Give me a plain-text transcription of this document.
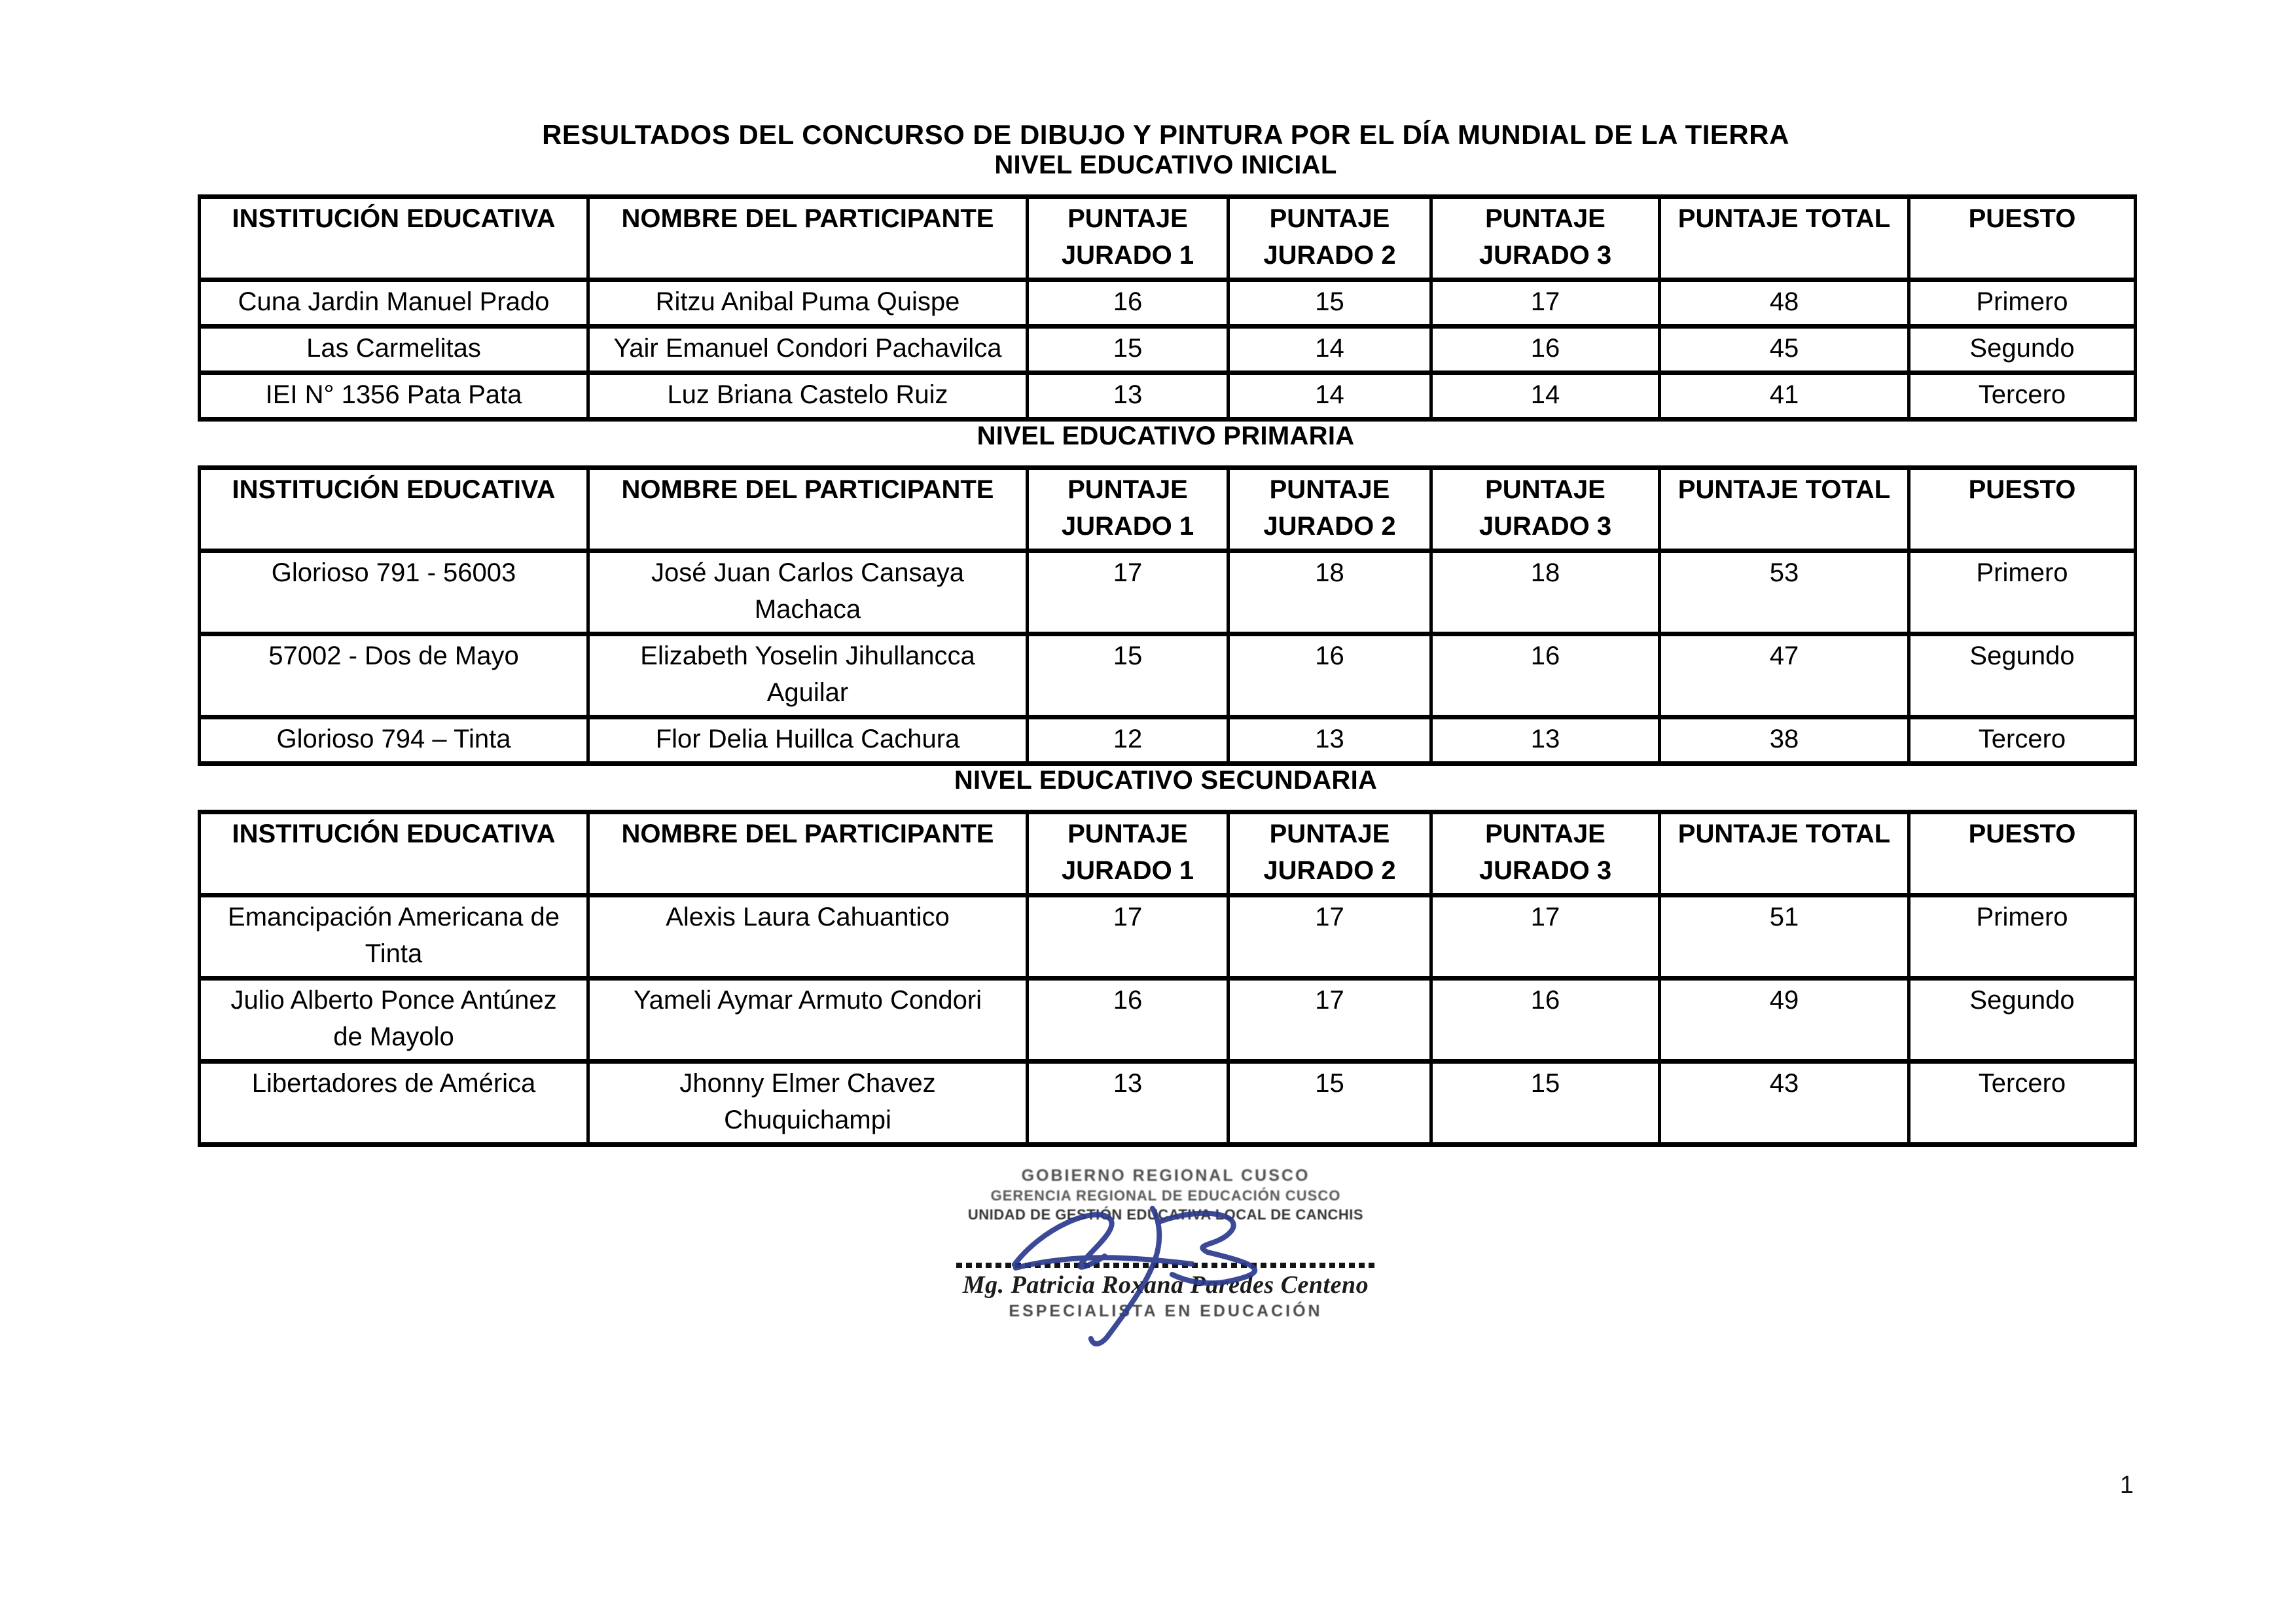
RESULTADOS DEL CONCURSO DE DIBUJO Y PINTURA POR EL DÍA MUNDIAL DE LA TIERRA
NIVEL EDUCATIVO INICIAL
INSTITUCIÓN EDUCATIVA	NOMBRE DEL PARTICIPANTE	PUNTAJE JURADO 1	PUNTAJE JURADO 2	PUNTAJE JURADO 3	PUNTAJE TOTAL	PUESTO
Cuna Jardin Manuel Prado	Ritzu Anibal Puma Quispe	16	15	17	48	Primero
Las Carmelitas	Yair Emanuel Condori Pachavilca	15	14	16	45	Segundo
IEI N° 1356 Pata Pata	Luz Briana Castelo Ruiz	13	14	14	41	Tercero
NIVEL EDUCATIVO PRIMARIA
INSTITUCIÓN EDUCATIVA	NOMBRE DEL PARTICIPANTE	PUNTAJE JURADO 1	PUNTAJE JURADO 2	PUNTAJE JURADO 3	PUNTAJE TOTAL	PUESTO
Glorioso 791 - 56003	José Juan Carlos Cansaya Machaca	17	18	18	53	Primero
57002 - Dos de Mayo	Elizabeth Yoselin Jihullancca Aguilar	15	16	16	47	Segundo
Glorioso 794 – Tinta	Flor Delia Huillca Cachura	12	13	13	38	Tercero
NIVEL EDUCATIVO SECUNDARIA
INSTITUCIÓN EDUCATIVA	NOMBRE DEL PARTICIPANTE	PUNTAJE JURADO 1	PUNTAJE JURADO 2	PUNTAJE JURADO 3	PUNTAJE TOTAL	PUESTO
Emancipación Americana de Tinta	Alexis Laura Cahuantico	17	17	17	51	Primero
Julio Alberto Ponce Antúnez de Mayolo	Yameli Aymar Armuto Condori	16	17	16	49	Segundo
Libertadores de América	Jhonny Elmer Chavez Chuquichampi	13	15	15	43	Tercero
GOBIERNO REGIONAL CUSCO
GERENCIA REGIONAL DE EDUCACIÓN CUSCO
UNIDAD DE GESTIÓN EDUCATIVA LOCAL DE CANCHIS
Mg. Patricia Roxana Paredes Centeno
ESPECIALISTA EN EDUCACIÓN
1
